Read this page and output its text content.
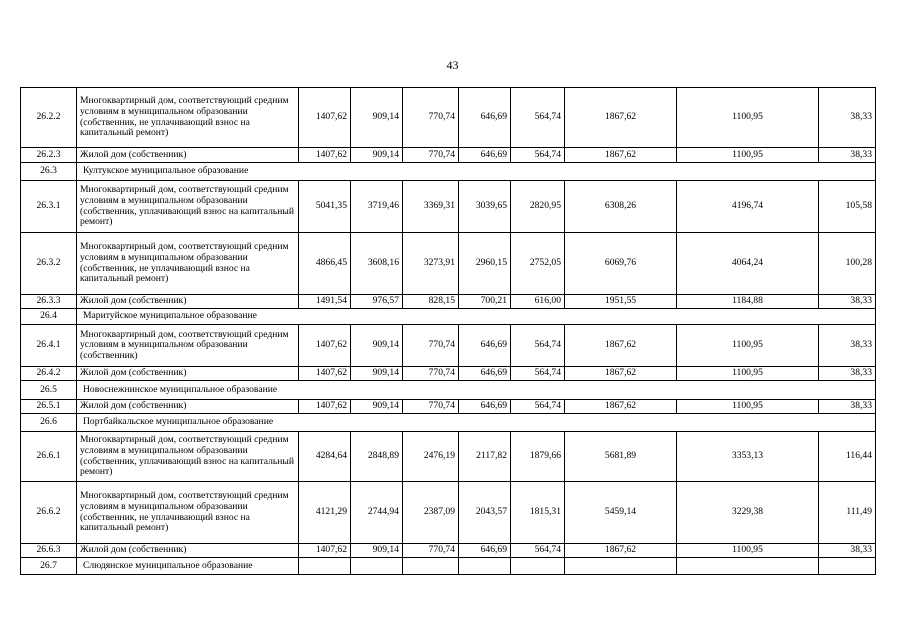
43
26.2.2	Многоквартирный дом, соответствующий средним условиям в муниципальном образовании (собственник, не уплачивающий взнос на капитальный ремонт)	1407,62	909,14	770,74	646,69	564,74	1867,62	1100,95	38,33
26.2.3	Жилой дом (собственник)	1407,62	909,14	770,74	646,69	564,74	1867,62	1100,95	38,33
26.3	Култукское муниципальное образование								
26.3.1	Многоквартирный дом, соответствующий средним условиям в муниципальном образовании (собственник, уплачивающий взнос на капитальный ремонт)	5041,35	3719,46	3369,31	3039,65	2820,95	6308,26	4196,74	105,58
26.3.2	Многоквартирный дом, соответствующий средним условиям в муниципальном образовании (собственник, не уплачивающий взнос на капитальный ремонт)	4866,45	3608,16	3273,91	2960,15	2752,05	6069,76	4064,24	100,28
26.3.3	Жилой дом (собственник)	1491,54	976,57	828,15	700,21	616,00	1951,55	1184,88	38,33
26.4	Маритуйское муниципальное образование								
26.4.1	Многоквартирный дом, соответствующий средним условиям в муниципальном образовании (собственник)	1407,62	909,14	770,74	646,69	564,74	1867,62	1100,95	38,33
26.4.2	Жилой дом (собственник)	1407,62	909,14	770,74	646,69	564,74	1867,62	1100,95	38,33
26.5	Новоснежнинское муниципальное образование								
26.5.1	Жилой дом (собственник)	1407,62	909,14	770,74	646,69	564,74	1867,62	1100,95	38,33
26.6	Портбайкальское муниципальное образование								
26.6.1	Многоквартирный дом, соответствующий средним условиям в муниципальном образовании (собственник, уплачивающий взнос на капитальный ремонт)	4284,64	2848,89	2476,19	2117,82	1879,66	5681,89	3353,13	116,44
26.6.2	Многоквартирный дом, соответствующий средним условиям в муниципальном образовании (собственник, не уплачивающий взнос на капитальный ремонт)	4121,29	2744,94	2387,09	2043,57	1815,31	5459,14	3229,38	111,49
26.6.3	Жилой дом (собственник)	1407,62	909,14	770,74	646,69	564,74	1867,62	1100,95	38,33
26.7	Слюдянское муниципальное образование								
